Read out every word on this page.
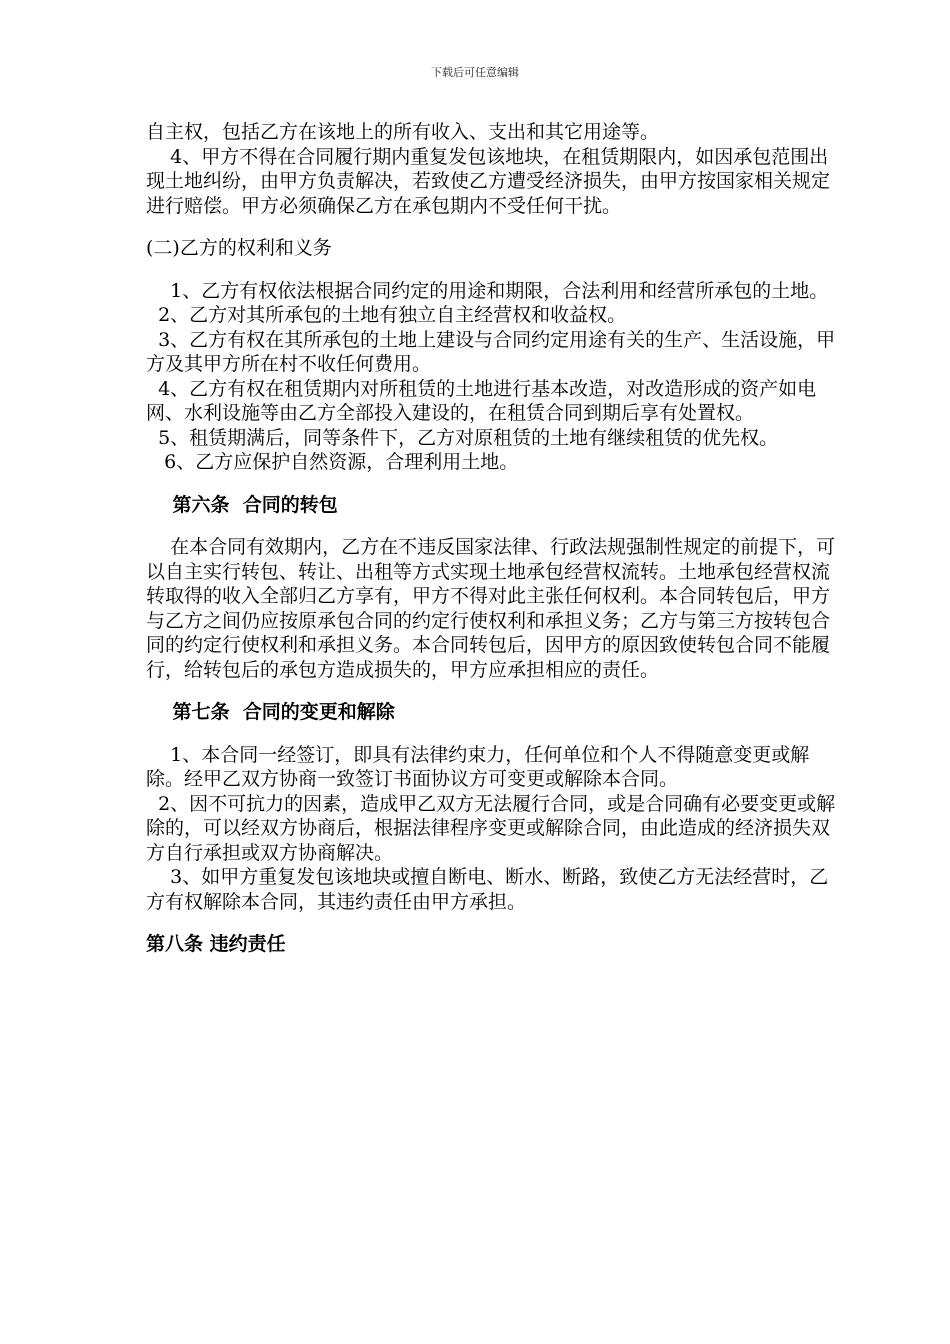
下载后可任意编辑

自主权，包括乙方在该地上的所有收入、支出和其它用途等。

4、甲方不得在合同履行期内重复发包该地块，在租赁期限内，如因承包范围出现土地纠纷，由甲方负责解决，若致使乙方遭受经济损失，由甲方按国家相关规定进行赔偿。甲方必须确保乙方在承包期内不受任何干扰。

(二)乙方的权利和义务

1、乙方有权依法根据合同约定的用途和期限，合法利用和经营所承包的土地。

2、乙方对其所承包的土地有独立自主经营权和收益权。

3、乙方有权在其所承包的土地上建设与合同约定用途有关的生产、生活设施，甲方及其甲方所在村不收任何费用。

4、乙方有权在租赁期内对所租赁的土地进行基本改造，对改造形成的资产如电网、水利设施等由乙方全部投入建设的，在租赁合同到期后享有处置权。

5、租赁期满后，同等条件下，乙方对原租赁的土地有继续租赁的优先权。

6、乙方应保护自然资源，合理利用土地。

第六条  合同的转包

在本合同有效期内，乙方在不违反国家法律、行政法规强制性规定的前提下，可以自主实行转包、转让、出租等方式实现土地承包经营权流转。土地承包经营权流转取得的收入全部归乙方享有，甲方不得对此主张任何权利。本合同转包后，甲方与乙方之间仍应按原承包合同的约定行使权利和承担义务；乙方与第三方按转包合同的约定行使权利和承担义务。本合同转包后，因甲方的原因致使转包合同不能履行，给转包后的承包方造成损失的，甲方应承担相应的责任。

第七条  合同的变更和解除

1、本合同一经签订，即具有法律约束力，任何单位和个人不得随意变更或解除。经甲乙双方协商一致签订书面协议方可变更或解除本合同。

2、因不可抗力的因素，造成甲乙双方无法履行合同，或是合同确有必要变更或解除的，可以经双方协商后，根据法律程序变更或解除合同，由此造成的经济损失双方自行承担或双方协商解决。

3、如甲方重复发包该地块或擅自断电、断水、断路，致使乙方无法经营时，乙方有权解除本合同，其违约责任由甲方承担。

第八条 违约责任
